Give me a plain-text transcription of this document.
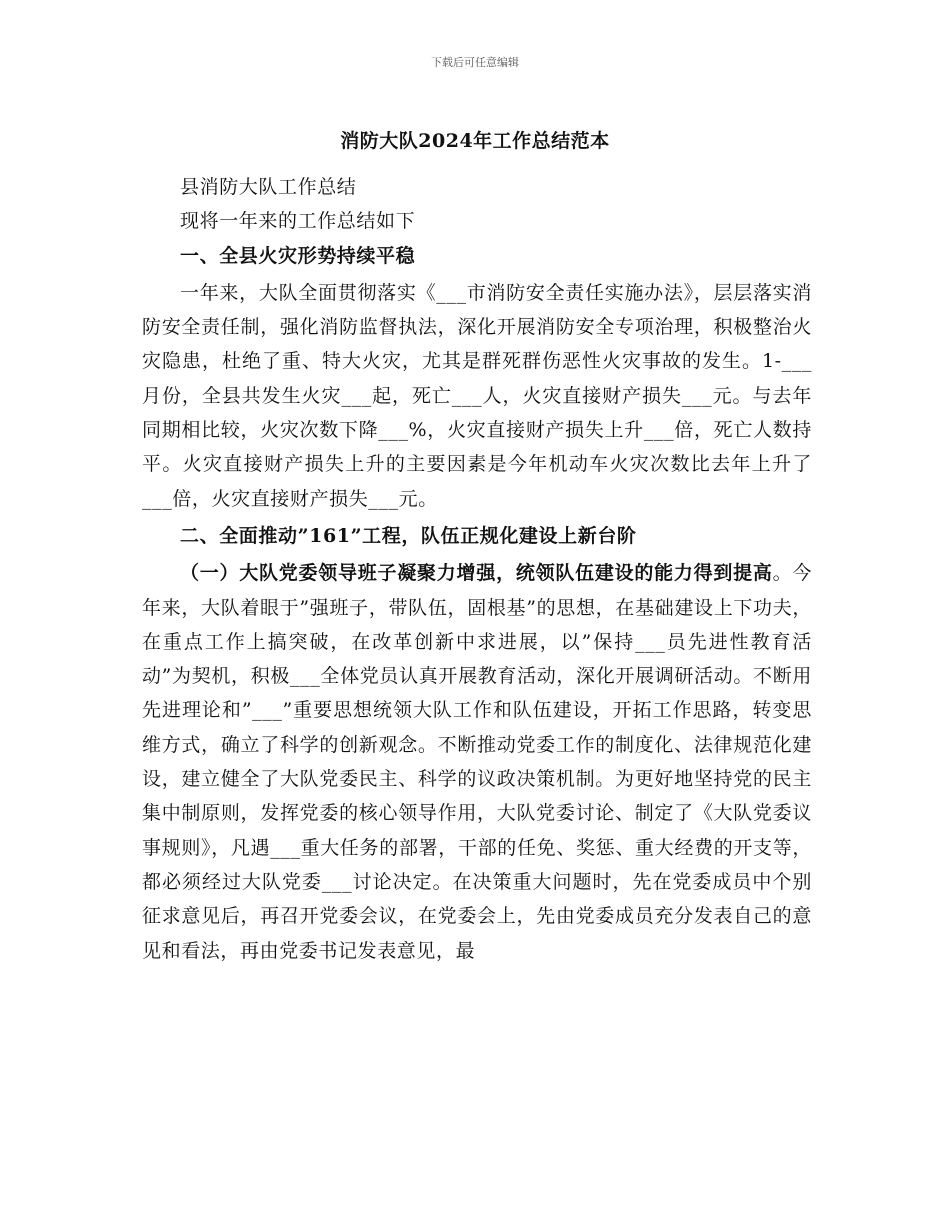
下载后可任意编辑
消防大队2024年工作总结范本

县消防大队工作总结

现将一年来的工作总结如下

一、全县火灾形势持续平稳

一年来，大队全面贯彻落实《___市消防安全责任实施办法》，层层落实消防安全责任制，强化消防监督执法，深化开展消防安全专项治理，积极整治火灾隐患，杜绝了重、特大火灾，尤其是群死群伤恶性火灾事故的发生。1-___月份，全县共发生火灾___起，死亡___人，火灾直接财产损失___元。与去年同期相比较，火灾次数下降___%，火灾直接财产损失上升___倍，死亡人数持平。火灾直接财产损失上升的主要因素是今年机动车火灾次数比去年上升了___倍，火灾直接财产损失___元。

二、全面推动”161”工程，队伍正规化建设上新台阶

（一）大队党委领导班子凝聚力增强，统领队伍建设的能力得到提高。今年来，大队着眼于”强班子，带队伍，固根基”的思想，在基础建设上下功夫，在重点工作上搞突破，在改革创新中求进展，以”保持___员先进性教育活动”为契机，积极___全体党员认真开展教育活动，深化开展调研活动。不断用先进理论和”___”重要思想统领大队工作和队伍建设，开拓工作思路，转变思维方式，确立了科学的创新观念。不断推动党委工作的制度化、法律规范化建设，建立健全了大队党委民主、科学的议政决策机制。为更好地坚持党的民主集中制原则，发挥党委的核心领导作用，大队党委讨论、制定了《大队党委议事规则》，凡遇___重大任务的部署，干部的任免、奖惩、重大经费的开支等，都必须经过大队党委___讨论决定。在决策重大问题时，先在党委成员中个别征求意见后，再召开党委会议，在党委会上，先由党委成员充分发表自己的意见和看法，再由党委书记发表意见，最
